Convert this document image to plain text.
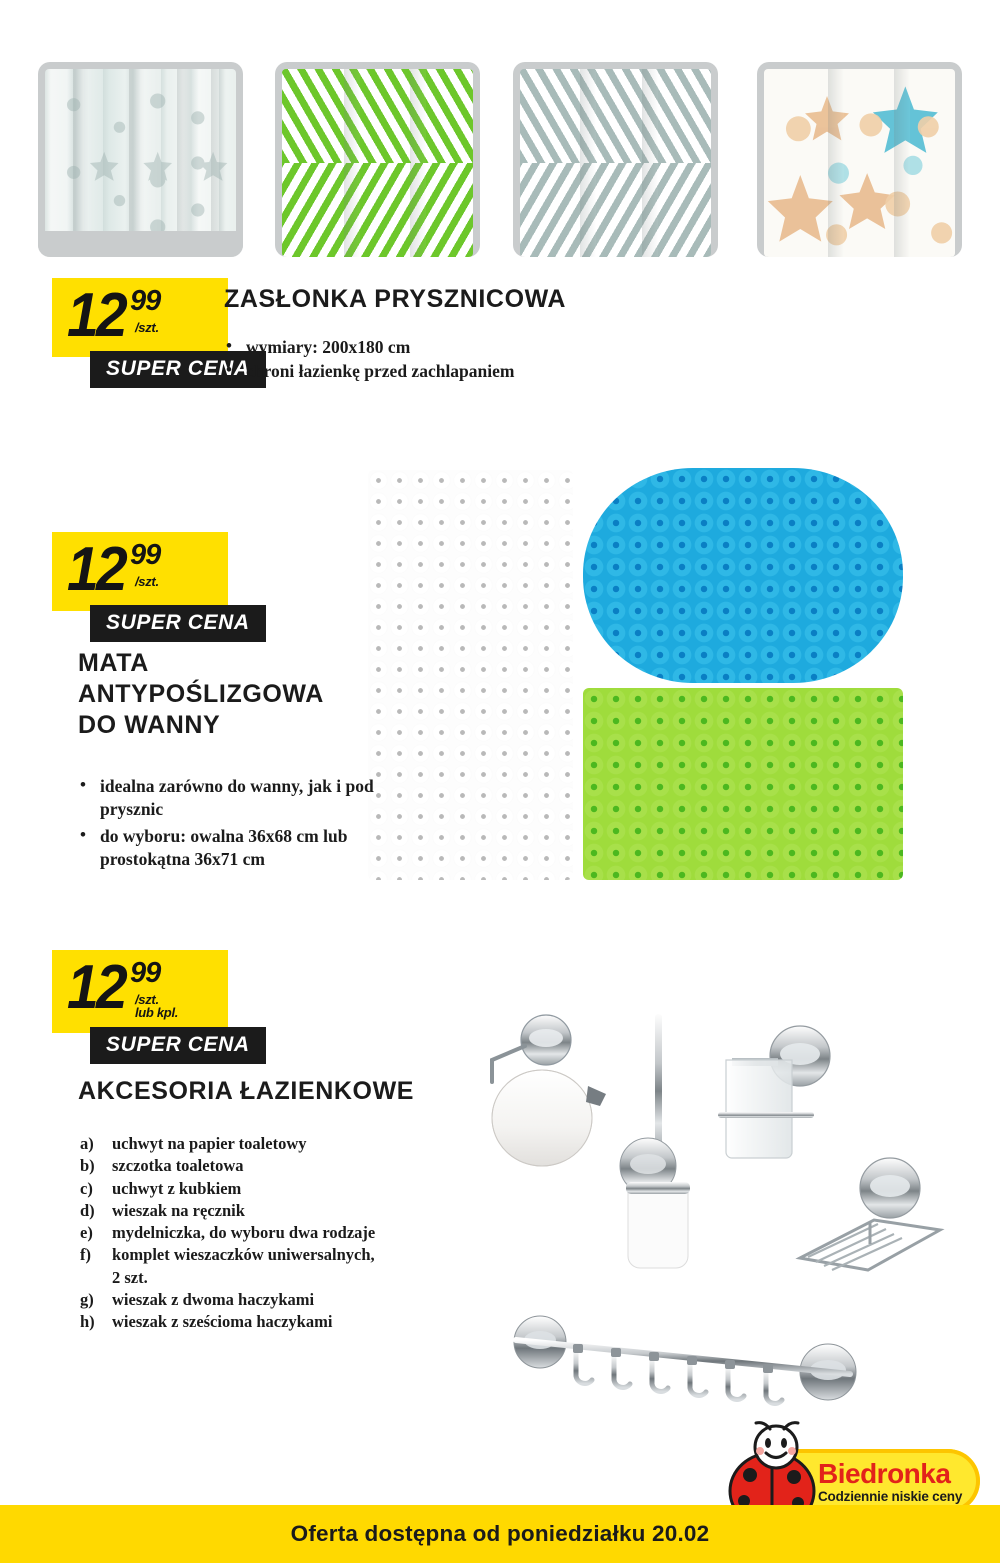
12 99
/szt.
SUPER CENA
ZASŁONKA PRYSZNICOWA
• wymiary: 200x180 cm
• chroni łazienkę przed zachlapaniem
12 99
/szt.
SUPER CENA
MATA
ANTYPOŚLIZGOWA
DO WANNY
• idealna zarówno do wanny, jak i pod prysznic
• do wyboru: owalna 36x68 cm lub prostokątna 36x71 cm
12 99
/szt.
lub kpl.
SUPER CENA
AKCESORIA ŁAZIENKOWE
a) uchwyt na papier toaletowy
b) szczotka toaletowa
c) uchwyt z kubkiem
d) wieszak na ręcznik
e) mydelniczka, do wyboru dwa rodzaje
f) komplet wieszaczków uniwersalnych,
2 szt.
g) wieszak z dwoma haczykami
h) wieszak z sześcioma haczykami
Biedronka
Codziennie niskie ceny
Oferta dostępna od poniedziałku 20.02
